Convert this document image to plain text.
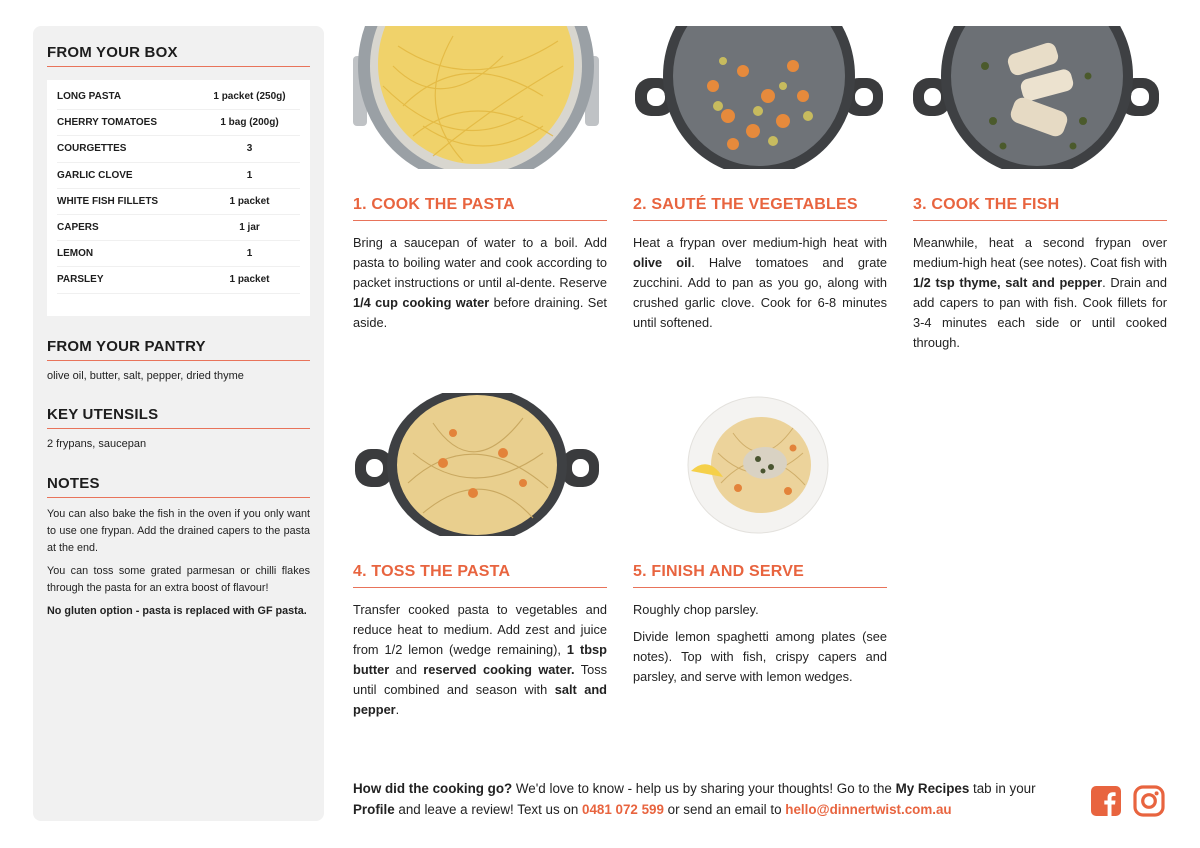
FROM YOUR BOX
LONG PASTA	1 packet (250g)
CHERRY TOMATOES	1 bag (200g)
COURGETTES	3
GARLIC CLOVE	1
WHITE FISH FILLETS	1 packet
CAPERS	1 jar
LEMON	1
PARSLEY	1 packet
FROM YOUR PANTRY
olive oil, butter, salt, pepper, dried thyme
KEY UTENSILS
2 frypans, saucepan
NOTES

You can also bake the fish in the oven if you only want to use one frypan. Add the drained capers to the pasta at the end.

You can toss some grated parmesan or chilli flakes through the pasta for an extra boost of flavour!

No gluten option - pasta is replaced with GF pasta.

1. COOK THE PASTA

Bring a saucepan of water to a boil. Add pasta to boiling water and cook according to packet instructions or until al-dente. Reserve 1/4 cup cooking water before draining. Set aside.

2. SAUTÉ THE VEGETABLES

Heat a frypan over medium-high heat with olive oil. Halve tomatoes and grate zucchini. Add to pan as you go, along with crushed garlic clove. Cook for 6-8 minutes until softened.

3. COOK THE FISH

Meanwhile, heat a second frypan over medium-high heat (see notes). Coat fish with 1/2 tsp thyme, salt and pepper. Drain and add capers to pan with fish. Cook fillets for 3-4 minutes each side or until cooked through.

4. TOSS THE PASTA

Transfer cooked pasta to vegetables and reduce heat to medium. Add zest and juice from 1/2 lemon (wedge remaining), 1 tbsp butter and reserved cooking water. Toss until combined and season with salt and pepper.

5. FINISH AND SERVE

Roughly chop parsley.

Divide lemon spaghetti among plates (see notes). Top with fish, crispy capers and parsley, and serve with lemon wedges.

How did the cooking go? We'd love to know - help us by sharing your thoughts! Go to the My Recipes tab in your Profile and leave a review! Text us on 0481 072 599 or send an email to hello@dinnertwist.com.au
